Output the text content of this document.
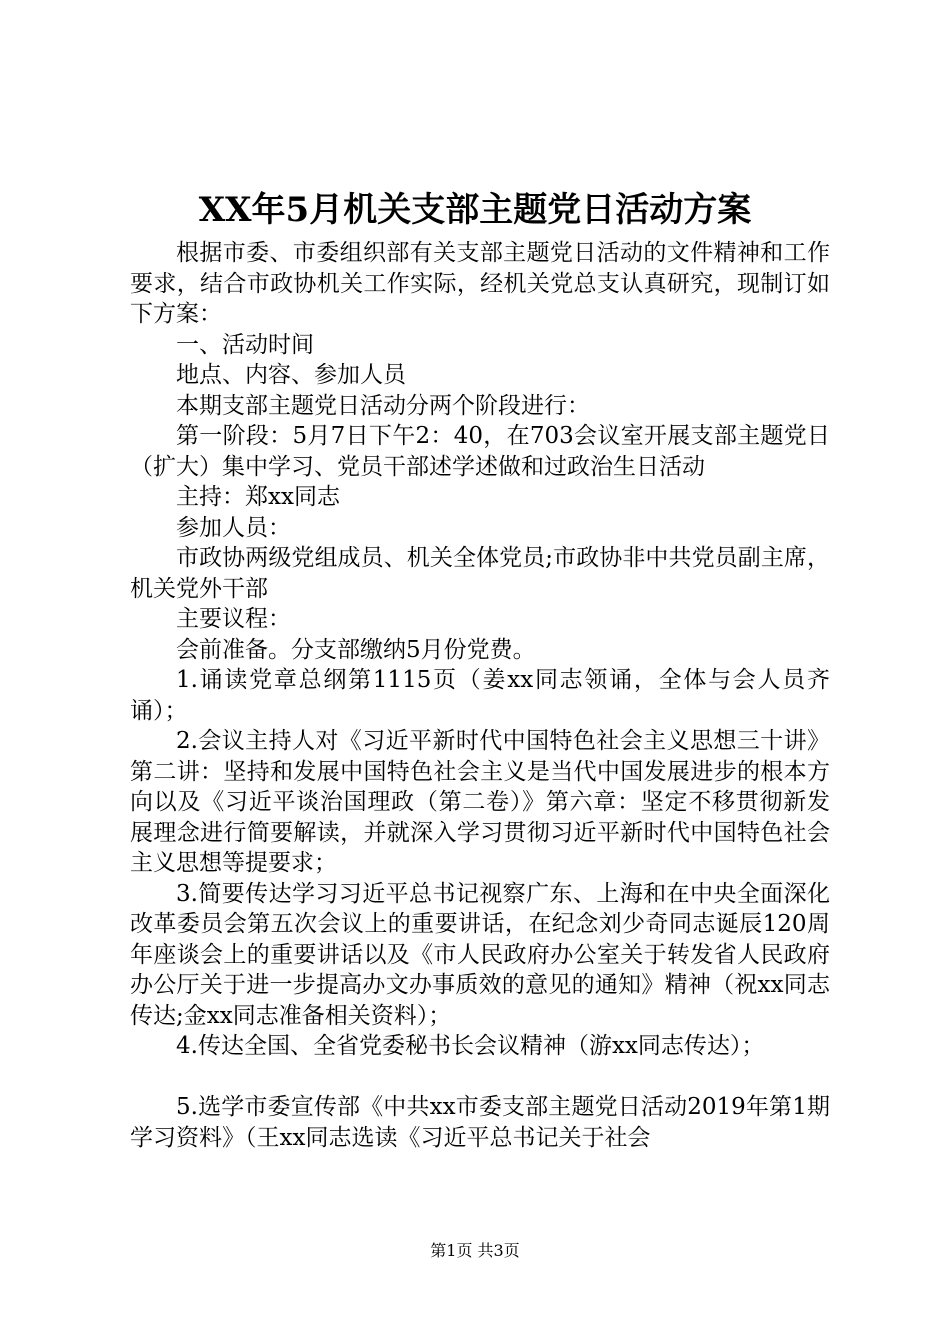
XX年5月机关支部主题党日活动方案

根据市委、市委组织部有关支部主题党日活动的文件精神和工作要求，结合市政协机关工作实际，经机关党总支认真研究，现制订如下方案：

一、活动时间

地点、内容、参加人员

本期支部主题党日活动分两个阶段进行：

第一阶段：5月7日下午2：40，在703会议室开展支部主题党日（扩大）集中学习、党员干部述学述做和过政治生日活动

主持：郑xx同志

参加人员：

市政协两级党组成员、机关全体党员;市政协非中共党员副主席，机关党外干部

主要议程：

会前准备。分支部缴纳5月份党费。

1.诵读党章总纲第1115页（姜xx同志领诵，全体与会人员齐诵）；

2.会议主持人对《习近平新时代中国特色社会主义思想三十讲》第二讲：坚持和发展中国特色社会主义是当代中国发展进步的根本方向以及《习近平谈治国理政（第二卷）》第六章：坚定不移贯彻新发展理念进行简要解读，并就深入学习贯彻习近平新时代中国特色社会主义思想等提要求；

3.简要传达学习习近平总书记视察广东、上海和在中央全面深化改革委员会第五次会议上的重要讲话，在纪念刘少奇同志诞辰120周年座谈会上的重要讲话以及《市人民政府办公室关于转发省人民政府办公厅关于进一步提高办文办事质效的意见的通知》精神（祝xx同志传达;金xx同志准备相关资料）；

4.传达全国、全省党委秘书长会议精神（游xx同志传达）；

5.选学市委宣传部《中共xx市委支部主题党日活动2019年第1期学习资料》（王xx同志选读《习近平总书记关于社会

第1页 共3页
